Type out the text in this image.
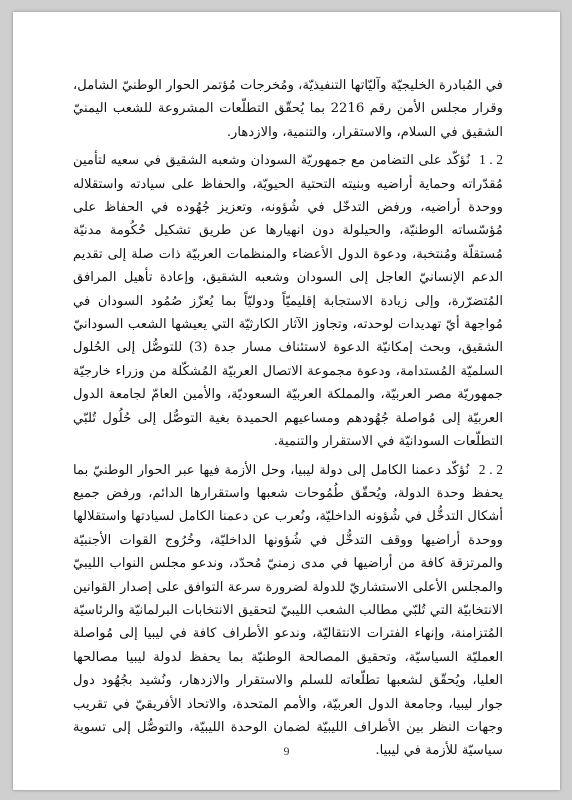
في المُبادرة الخليجيّة وآليّاتها التنفيذيّة، ومُخرجات مُؤتمر الحوار الوطنيّ الشامل، وقرار مجلس الأمن رقم 2216 بما يُحقّق التطلّعات المشروعة للشعب اليمنيّ الشقيق في السلام، والاستقرار، والتنمية، والازدهار.

2 . 1  نُؤكّد على التضامن مع جمهوريّة السودان وشعبه الشقيق في سعيه لتأمين مُقدّراته وحماية أراضيه وبنيته التحتية الحيويّة، والحفاظ على سيادته واستقلاله ووحدة أراضيه، ورفض التدخّل في شُؤونه، وتعزيز جُهُوده في الحفاظ على مُؤسّساته الوطنيّة، والحيلولة دون انهيارها عن طريق تشكيل حُكُومة مدنيّة مُستقلّة ومُنتخبة، ودعوة الدول الأعضاء والمنظمات العربيّة ذات صلة إلى تقديم الدعم الإنسانيّ العاجل إلى السودان وشعبه الشقيق، وإعادة تأهيل المرافق المُتضرّرة، وإلى زيادة الاستجابة إقليميّاً ودوليّاً بما يُعزّز صُمُود السودان في مُواجهة أيّ تهديدات لوحدته، وتجاوز الآثار الكارثيّة التي يعيشها الشعب السودانيّ الشقيق، وبحث إمكانيّة الدعوة لاستئناف مسار جدة (3) للتوصُّل إلى الحُلول السلميّة المُستدامة، ودعوة مجموعة الاتصال العربيّة المُشكّلة من وزراء خارجيّة جمهوريّة مصر العربيّة، والمملكة العربيّة السعوديّة، والأمين العامّ لجامعة الدول العربيّة إلى مُواصلة جُهُودهم ومساعيهم الحميدة بغية التوصُّل إلى حُلُول تُلبّي التطلّعات السودانيّة في الاستقرار والتنمية.

2 . 2  نُؤكّد دعمنا الكامل إلى دولة ليبيا، وحل الأزمة فيها عبر الحوار الوطنيّ بما يحفظ وحدة الدولة، ويُحقّق طُمُوحات شعبها واستقرارها الدائم، ورفض جميع أشكال التدخُّل في شُؤونه الداخليّة، ونُعرب عن دعمنا الكامل لسيادتها واستقلالها ووحدة أراضيها ووقف التدخُّل في شُؤونها الداخليّة، وخُرُوج القوات الأجنبيّة والمرتزقة كافة من أراضيها في مدى زمنيّ مُحدّد، وندعو مجلس النواب الليبيّ والمجلس الأعلى الاستشاريّ للدولة لضرورة سرعة التوافق على إصدار القوانين الانتخابيّة التي تُلبّي مطالب الشعب الليبيّ لتحقيق الانتخابات البرلمانيّة والرئاسيّة المُتزامنة، وإنهاء الفترات الانتقاليّة، وندعو الأطراف كافة في ليبيا إلى مُواصلة العمليّة السياسيّة، وتحقيق المصالحة الوطنيّة بما يحفظ لدولة ليبيا مصالحها العليا، ويُحقّق لشعبها تطلّعاته للسلم والاستقرار والازدهار، ونُشيد بجُهُود دول جوار ليبيا، وجامعة الدول العربيّة، والأمم المتحدة، والاتحاد الأفريقيّ في تقريب وجهات النظر بين الأطراف الليبيّة لضمان الوحدة الليبيّة، والتوصُّل إلى تسوية سياسيّة للأزمة في ليبيا.

9
